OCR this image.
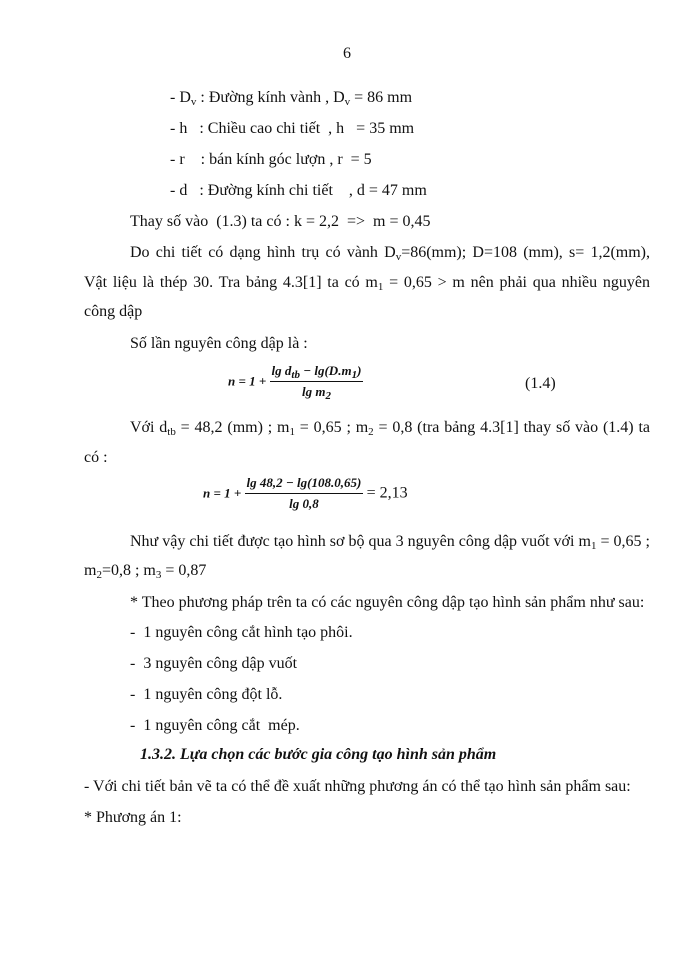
6
- $D_v$ : Đường kính vành , $D_v = 86$ mm
- h   : Chiều cao chi tiết  , h   = 35 mm
- r    : bán kính góc lượn , r  = 5
- d   : Đường kính chi tiết    , d = 47 mm
Thay số vào  (1.3) ta có : k = 2,2  =>  m = 0,45
Do chi tiết có dạng hình trụ có vành $D_v=86(mm)$; D=108 (mm), s= 1,2(mm),
Vật liệu là thép 30. Tra bảng 4.3[1] ta có $m_1 = 0,65 > m$ nên phải qua nhiều nguyên
công dập
Số lần nguyên công dập là :
$n = 1 + \frac{\lg d_{tb} - \lg(D.m_1)}{\lg m_2}$	(1.4)
Với $d_{tb} = 48,2$ (mm) ; $m_1 = 0,65$ ; $m_2 = 0,8$ (tra bảng 4.3[1] thay số vào (1.4) ta
có :
$n = 1 + \frac{\lg 48,2 - \lg(108.0,65)}{\lg 0,8} = 2,13$
Như vậy chi tiết được tạo hình sơ bộ qua 3 nguyên công dập vuốt với $m_1 = 0,65$ ;
$m_2=0,8$ ; $m_3 = 0,87$
* Theo phương pháp trên ta có các nguyên công dập tạo hình sản phẩm như sau:
-  1 nguyên công cắt hình tạo phôi.
-  3 nguyên công dập vuốt
-  1 nguyên công đột lỗ.
-  1 nguyên công cắt  mép.
1.3.2. Lựa chọn các bước gia công tạo hình sản phẩm
- Với chi tiết bản vẽ ta có thể đề xuất những phương án có thể tạo hình sản phẩm sau:
* Phương án 1:
